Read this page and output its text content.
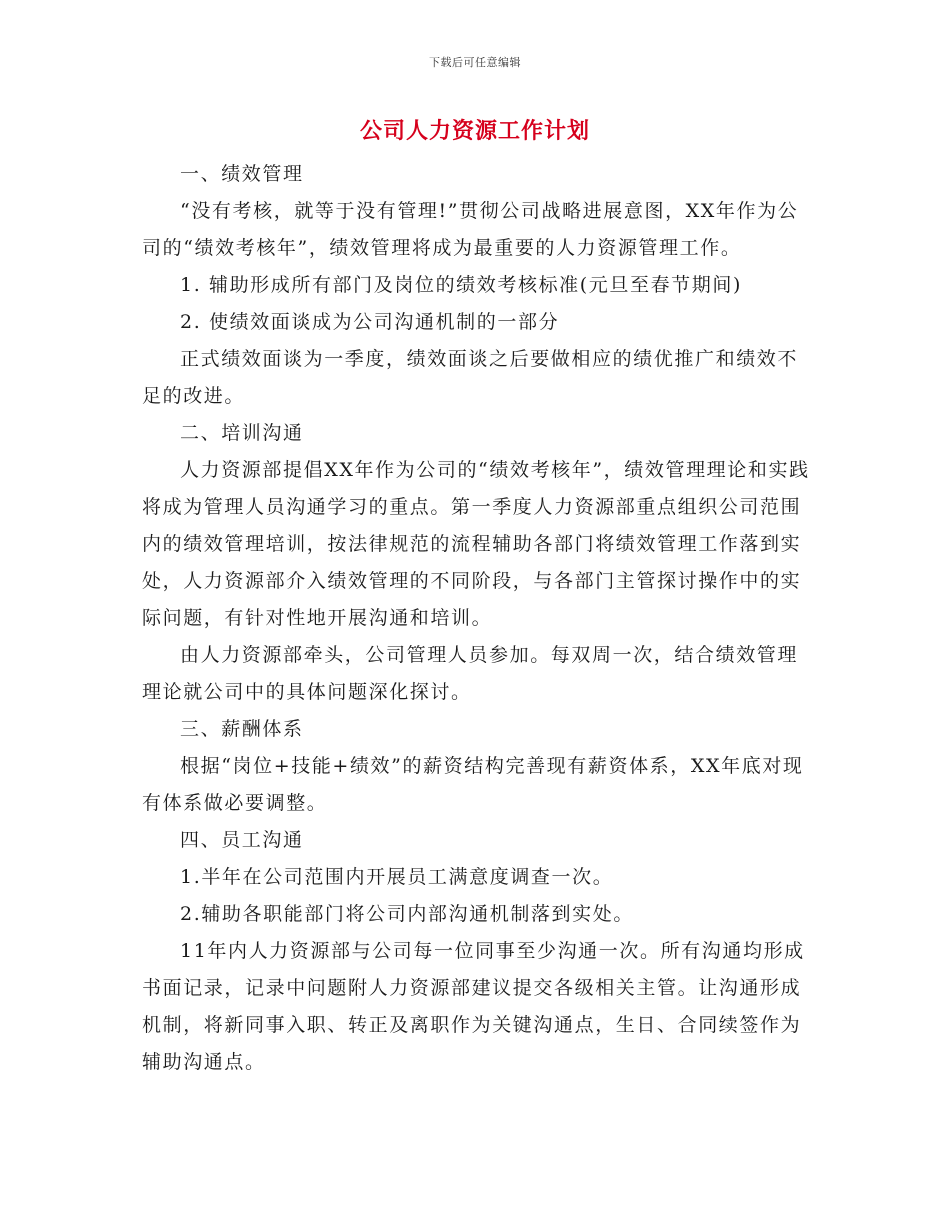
下载后可任意编辑
公司人力资源工作计划

一、绩效管理

“没有考核，就等于没有管理!”贯彻公司战略进展意图，XX年作为公司的“绩效考核年”，绩效管理将成为最重要的人力资源管理工作。

1. 辅助形成所有部门及岗位的绩效考核标准(元旦至春节期间)

2. 使绩效面谈成为公司沟通机制的一部分

正式绩效面谈为一季度，绩效面谈之后要做相应的绩优推广和绩效不足的改进。

二、培训沟通

人力资源部提倡XX年作为公司的“绩效考核年”，绩效管理理论和实践将成为管理人员沟通学习的重点。第一季度人力资源部重点组织公司范围内的绩效管理培训，按法律规范的流程辅助各部门将绩效管理工作落到实处，人力资源部介入绩效管理的不同阶段，与各部门主管探讨操作中的实际问题，有针对性地开展沟通和培训。

由人力资源部牵头，公司管理人员参加。每双周一次，结合绩效管理理论就公司中的具体问题深化探讨。

三、薪酬体系

根据“岗位+技能+绩效”的薪资结构完善现有薪资体系，XX年底对现有体系做必要调整。

四、员工沟通

1.半年在公司范围内开展员工满意度调查一次。

2.辅助各职能部门将公司内部沟通机制落到实处。

11年内人力资源部与公司每一位同事至少沟通一次。所有沟通均形成书面记录，记录中问题附人力资源部建议提交各级相关主管。让沟通形成机制，将新同事入职、转正及离职作为关键沟通点，生日、合同续签作为辅助沟通点。
